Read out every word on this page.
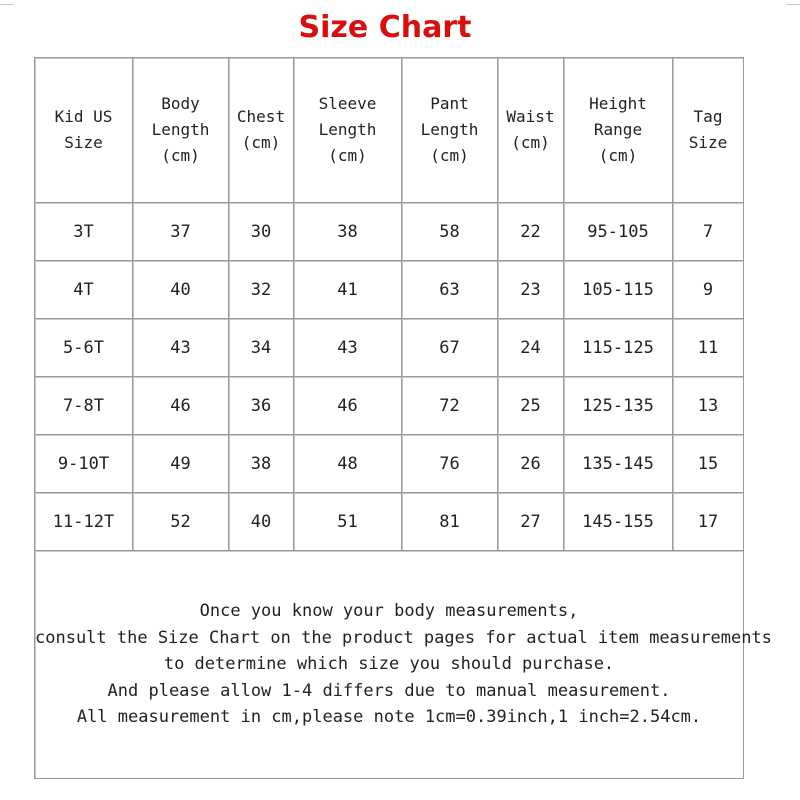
Size Chart
Kid US
Size	Body
Length
(cm)	Chest
(cm)	Sleeve
Length
(cm)	Pant
Length
(cm)	Waist
(cm)	Height
Range
(cm)	Tag
Size

3T	37	30	38	58	22	95-105	7
4T	40	32	41	63	23	105-115	9
5-6T	43	34	43	67	24	115-125	11
7-8T	46	36	46	72	25	125-135	13
9-10T	49	38	48	76	26	135-145	15
11-12T	52	40	51	81	27	145-155	17

Once you know your body measurements,
consult the Size Chart on the product pages for actual item measurements
to determine which size you should purchase.
And please allow 1-4 differs due to manual measurement.
All measurement in cm,please note 1cm=0.39inch,1 inch=2.54cm.							
